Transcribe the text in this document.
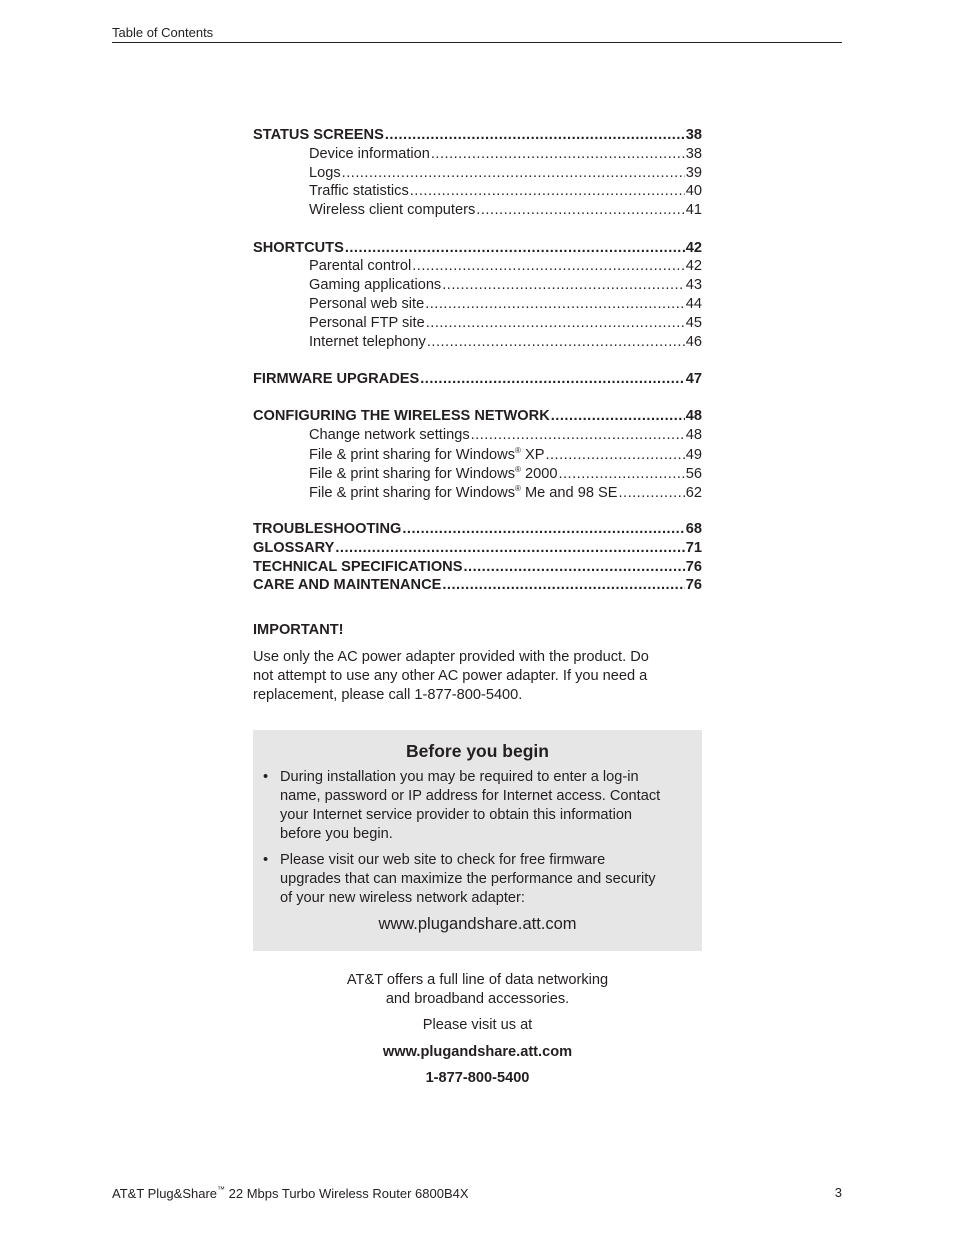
Table of Contents
STATUS SCREENS .....	38
Device information .....	38
Logs .....	39
Traffic statistics .....	40
Wireless client computers .....	41
SHORTCUTS .....	42
Parental control .....	42
Gaming applications .....	43
Personal web site .....	44
Personal FTP site .....	45
Internet telephony .....	46
FIRMWARE UPGRADES .....	47
CONFIGURING THE WIRELESS NETWORK .....	48
Change network settings .....	48
File & print sharing for Windows® XP .....	49
File & print sharing for Windows® 2000 .....	56
File & print sharing for Windows® Me and 98 SE .....	62
TROUBLESHOOTING .....	68
GLOSSARY .....	71
TECHNICAL SPECIFICATIONS .....	76
CARE AND MAINTENANCE .....	76
IMPORTANT!

Use only the AC power adapter provided with the product. Do
not attempt to use any other AC power adapter. If you need a
replacement, please call 1-877-800-5400.

Before you begin
• During installation you may be required to enter a log-in
name, password or IP address for Internet access. Contact
your Internet service provider to obtain this information
before you begin.
• Please visit our web site to check for free firmware
upgrades that can maximize the performance and security
of your new wireless network adapter:
www.plugandshare.att.com

AT&T offers a full line of data networking

and broadband accessories.

Please visit us at

www.plugandshare.att.com

1-877-800-5400

AT&T Plug&Share™ 22 Mbps Turbo Wireless Router 6800B4X	3
